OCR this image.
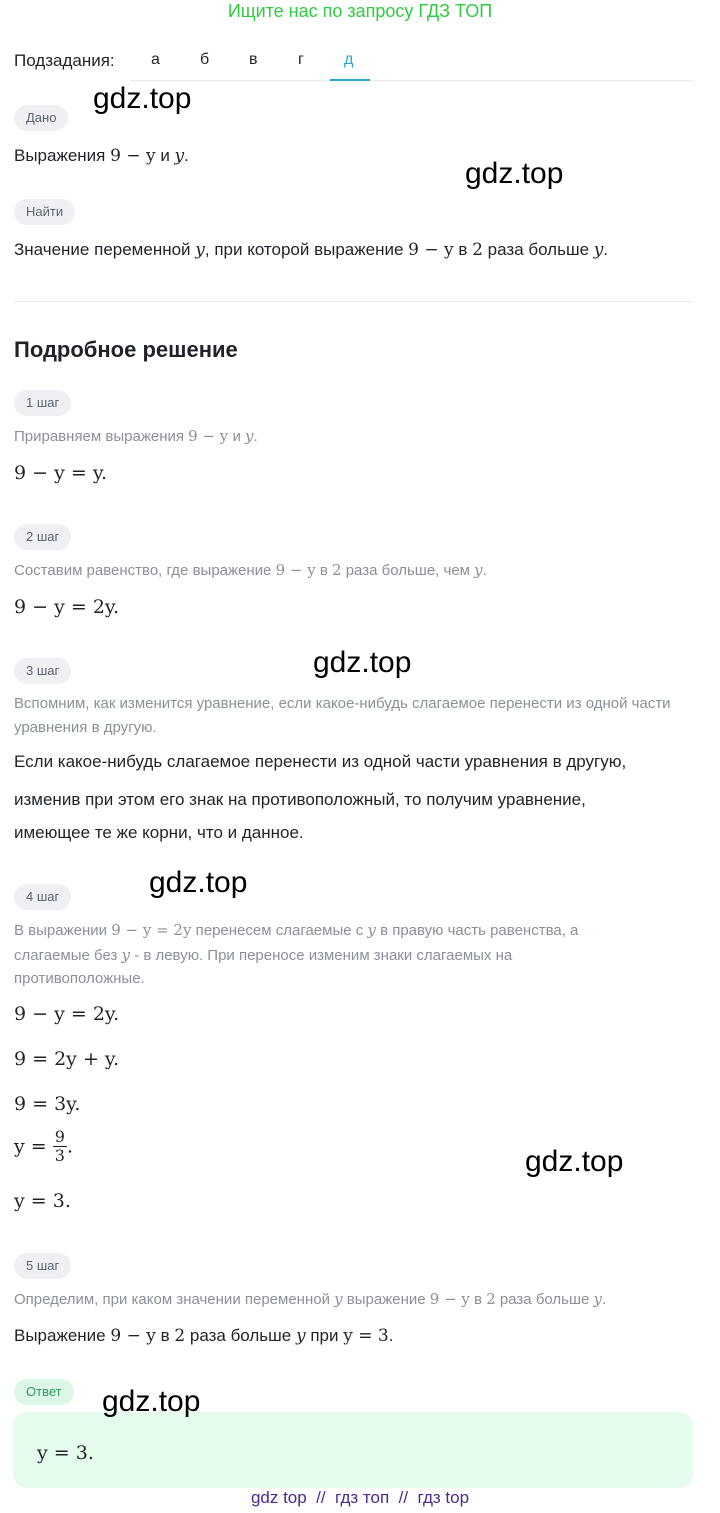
Ищите нас по запросу ГДЗ ТОП
Подзадания: а	б в	г	д
Дано
Выражения 9 − y и y.
Найти
Значение переменной y, при которой выражение 9 − y в 2 раза больше y.
Подробное решение
1 шаг
Приравняем выражения 9 − y и y.
9 − y = y.
2 шаг
Составим равенство, где выражение 9 − y в 2 раза больше, чем y.
9 − y = 2y.
3 шаг
Вспомним, как изменится уравнение, если какое-нибудь слагаемое перенести из одной части уравнения в другую.
Если какое-нибудь слагаемое перенести из одной части уравнения в другую,
изменив при этом его знак на противоположный, то получим уравнение,
имеющее те же корни, что и данное.
4 шаг
В выражении 9 − y = 2y перенесем слагаемые с y в правую часть равенства, а
слагаемые без y - в левую. При переносе изменим знаки слагаемых на
противоположные.
9 − y = 2y.
9 = 2y + y.
9 = 3y.
$y = \frac{9}{3}$ .
y = 3.
5 шаг
Определим, при каком значении переменной y выражение 9 − y в 2 раза больше y.
Выражение 9 − y в 2 раза больше y при y = 3.
Ответ
y = 3.
gdz.top
gdz.top
gdz.top
gdz.top
gdz.top
gdz.top
gdz top  //  гдз топ  //  гдз top
